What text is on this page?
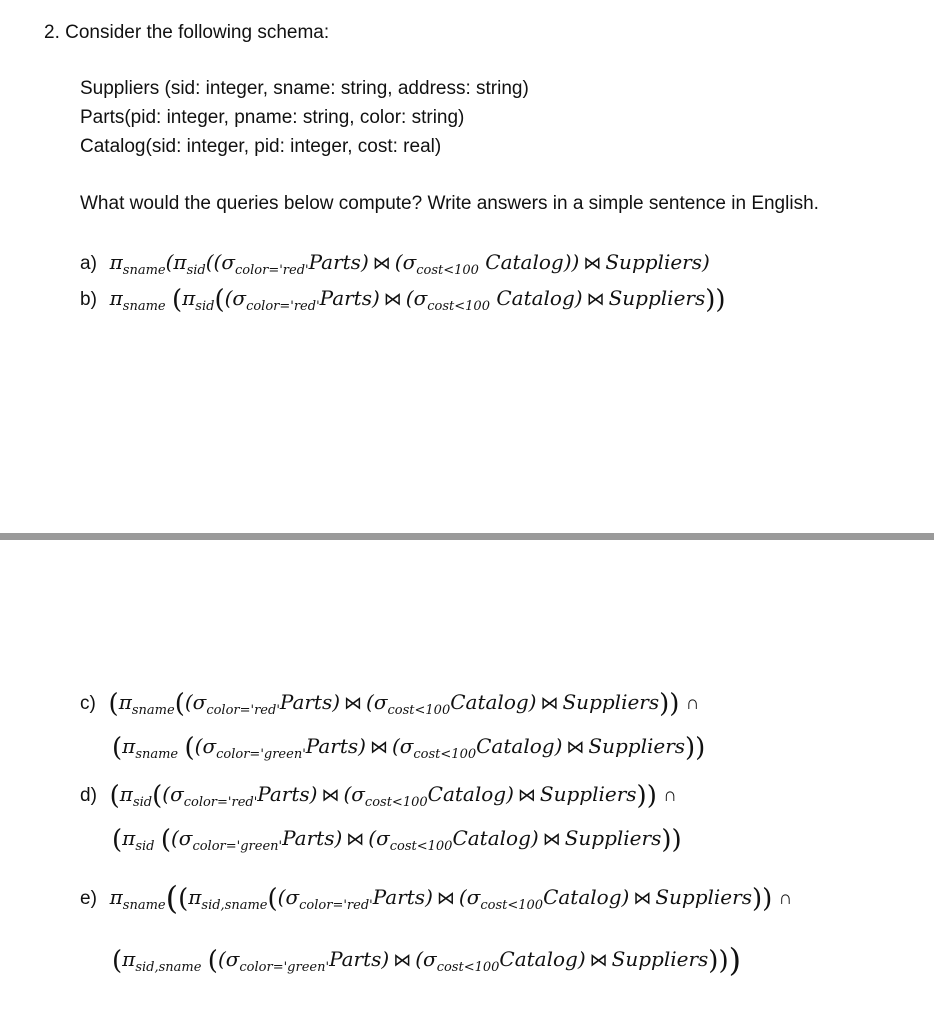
2. Consider the following schema:
Suppliers (sid: integer, sname: string, address: string)
Parts(pid: integer, pname: string, color: string)
Catalog(sid: integer, pid: integer, cost: real)
What would the queries below compute? Write answers in a simple sentence in English.
a) $\pi_{sname}(\pi_{sid}((\sigma_{color='red'}Parts)$ ⋈ ($\sigma_{cost<100}$ Catalog)) ⋈ Suppliers)
b) $\pi_{sname}$ ($\pi_{sid}((\sigma_{color='red'}Parts)$ ⋈ ($\sigma_{cost<100}$ Catalog) ⋈ Suppliers))
c) ($\pi_{sname}((\sigma_{color='red'}Parts)$ ⋈ $(\sigma_{cost<100}Catalog)$ ⋈ Suppliers)) ∩
($\pi_{sname}$ ($(\sigma_{color='green'}Parts)$ ⋈ $(\sigma_{cost<100}Catalog)$ ⋈ Suppliers))
d) ($\pi_{sid}((\sigma_{color='red'}Parts)$ ⋈ $(\sigma_{cost<100}Catalog)$ ⋈ Suppliers)) ∩
($\pi_{sid}$ ($(\sigma_{color='green'}Parts)$ ⋈ $(\sigma_{cost<100}Catalog)$ ⋈ Suppliers))
e) $\pi_{sname}((\pi_{sid,sname}((\sigma_{color='red'}Parts)$ ⋈ $(\sigma_{cost<100}Catalog)$ ⋈ Suppliers)) ∩
($\pi_{sid,sname}$ ($(\sigma_{color='green'}Parts)$ ⋈ $(\sigma_{cost<100}Catalog)$ ⋈ Suppliers)))
